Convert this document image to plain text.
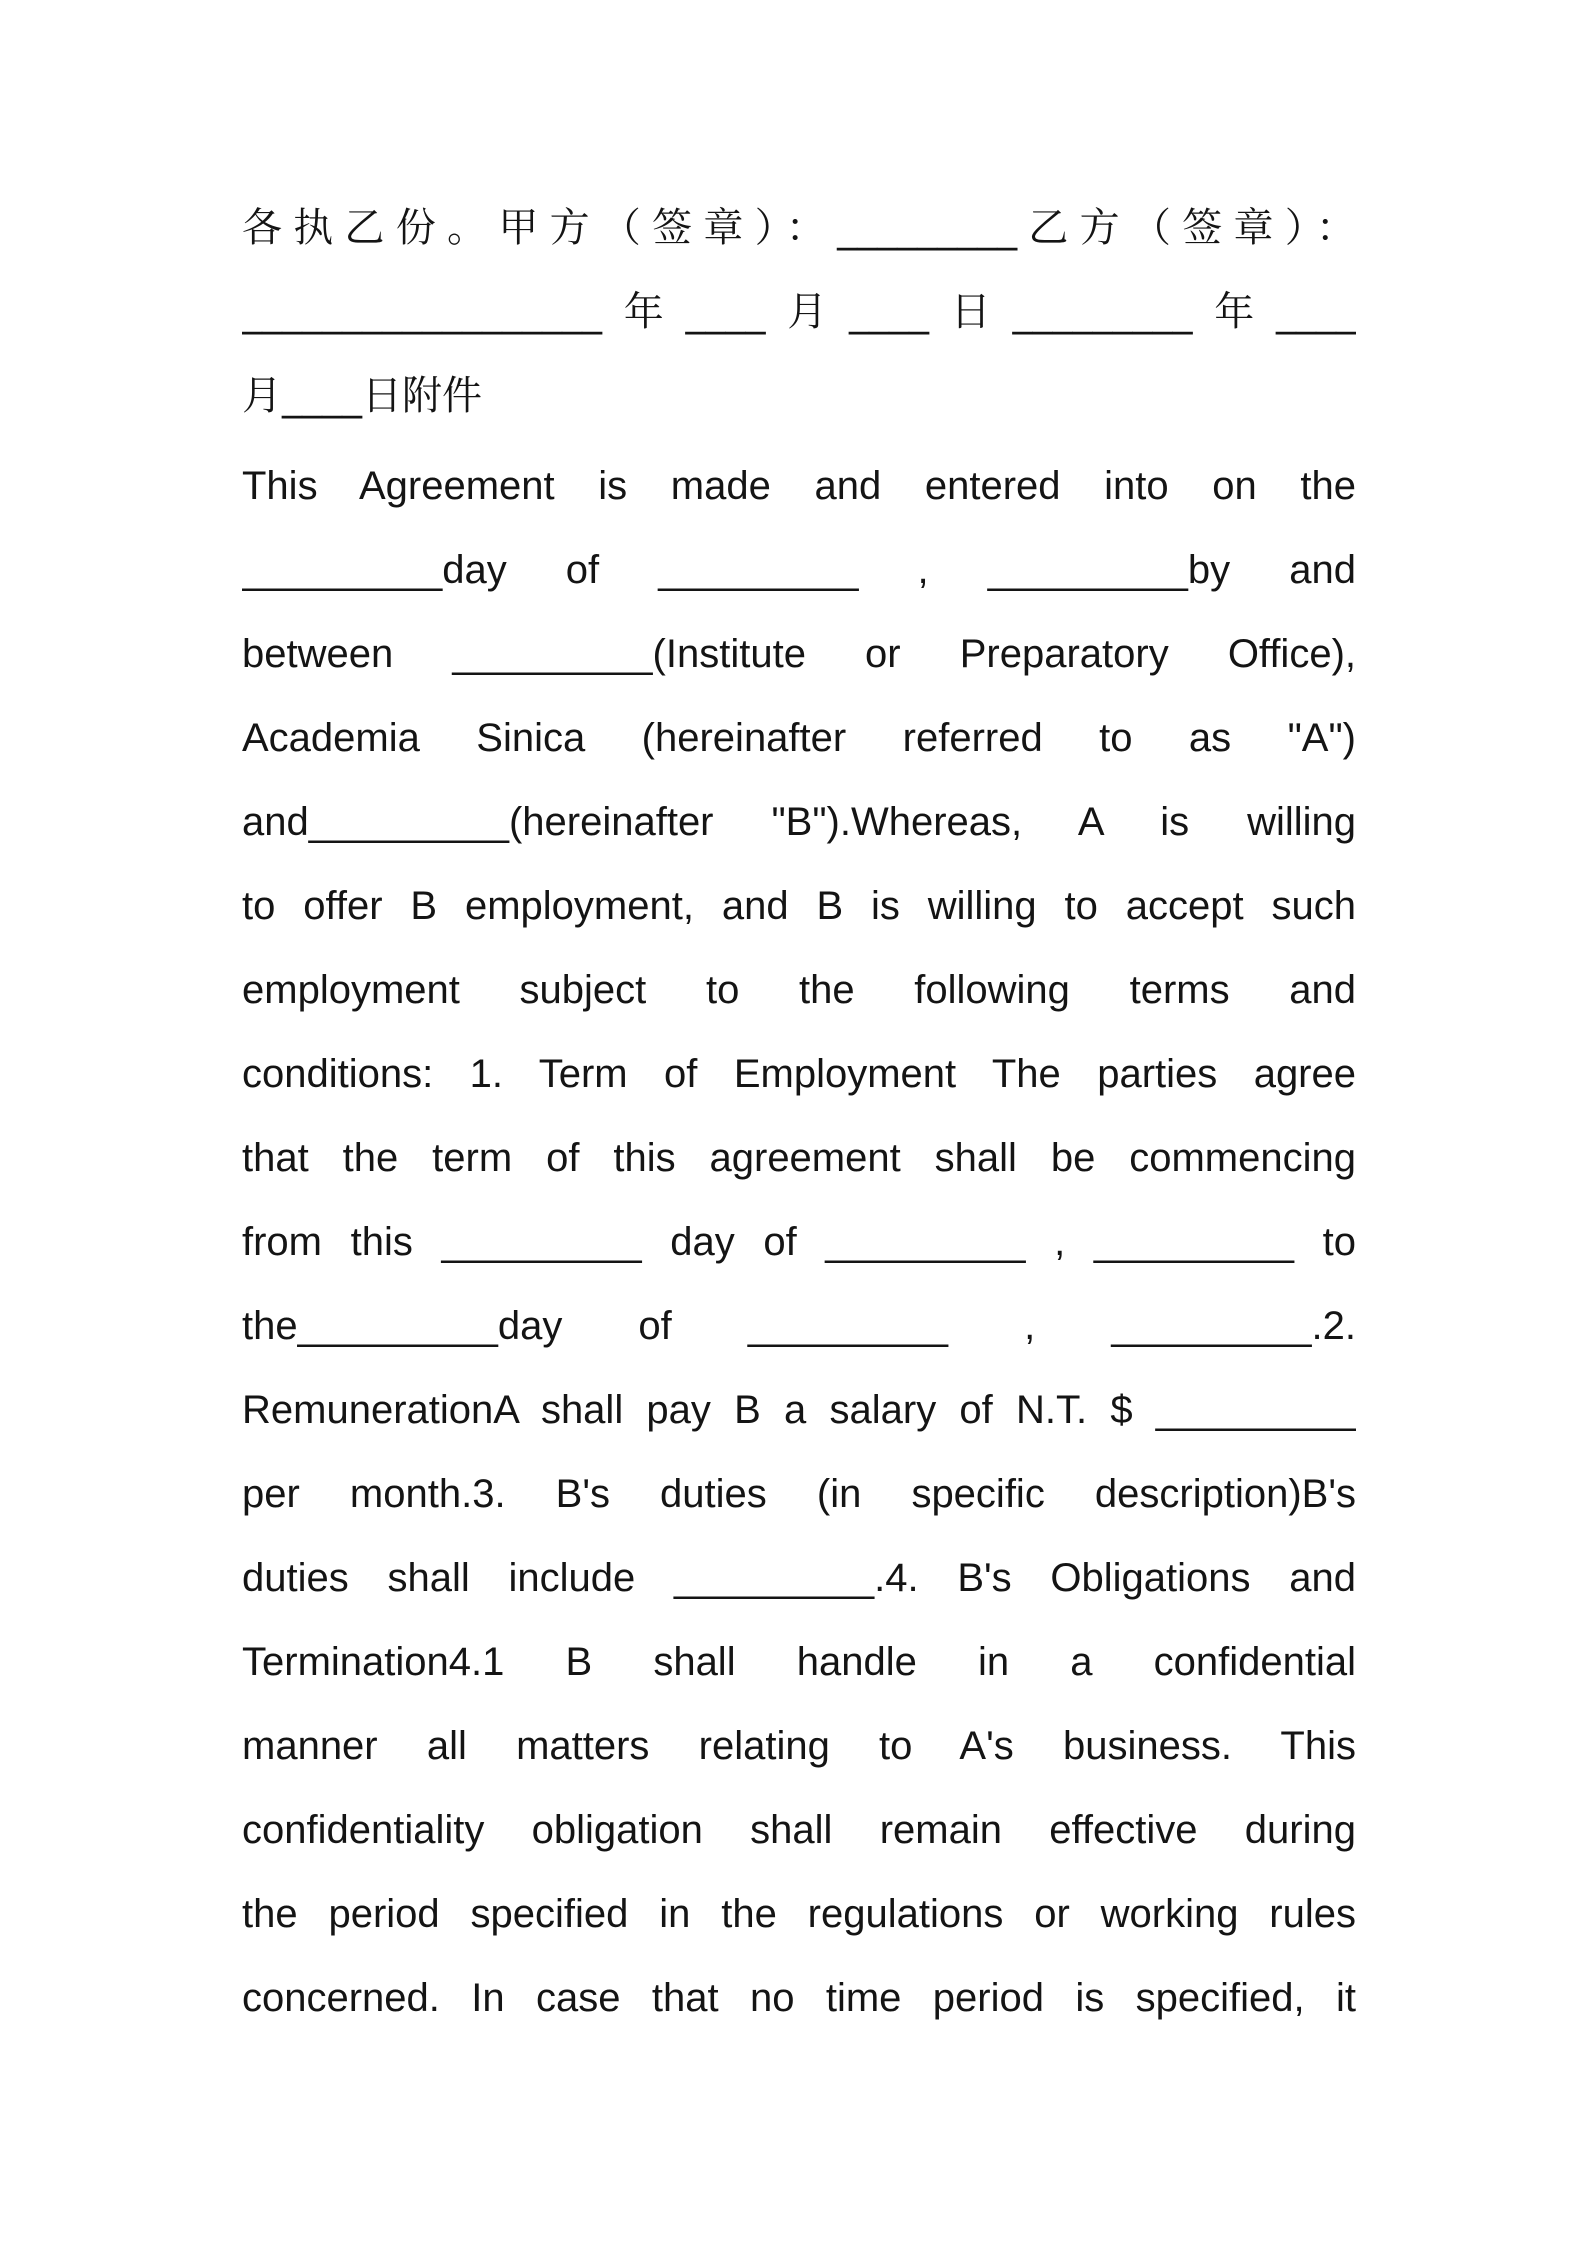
各执乙份。甲方（签章）：_________乙方（签章）：
__________________年____月____日_________年____
月____日附件
This Agreement is made and entered into on the
_________day of _________ , _________by and
between _________(Institute or Preparatory Office),
Academia Sinica (hereinafter referred to as "A")
and_________(hereinafter "B").Whereas, A is willing
to offer B employment, and B is willing to accept such
employment subject to the following terms and
conditions: 1. Term of Employment The parties agree
that the term of this agreement shall be commencing
from this _________ day of _________ , _________ to
the_________day of _________ , _________.2.
RemunerationA shall pay B a salary of N.T. $ _________
per month.3. B's duties (in specific description)B's
duties shall include _________.4. B's Obligations and
Termination4.1 B shall handle in a confidential
manner all matters relating to A's business. This
confidentiality obligation shall remain effective during
the period specified in the regulations or working rules
concerned. In case that no time period is specified, it
